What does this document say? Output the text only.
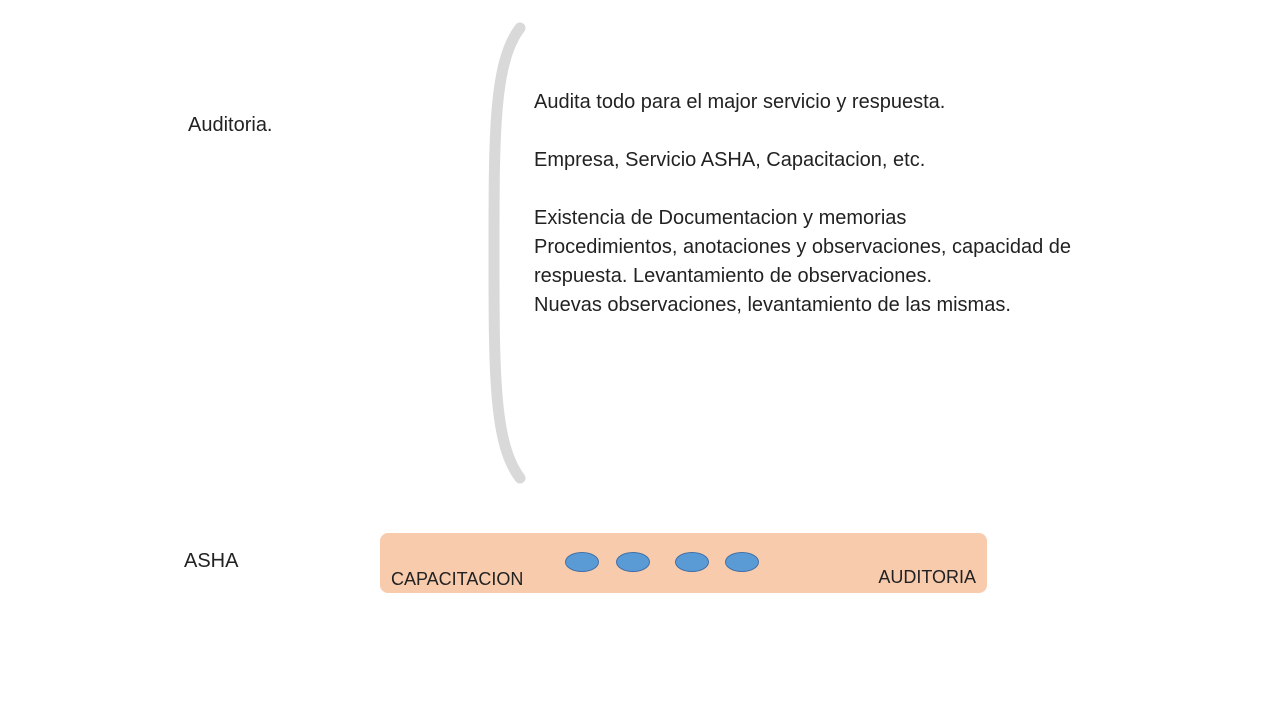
Auditoria.

Audita todo para el major servicio y respuesta.

Empresa, Servicio ASHA, Capacitacion, etc.

Existencia de Documentacion y memorias

Procedimientos, anotaciones y observaciones, capacidad de

respuesta. Levantamiento de observaciones.

Nuevas observaciones, levantamiento de las mismas.

ASHA
CAPACITACION	AUDITORIA
